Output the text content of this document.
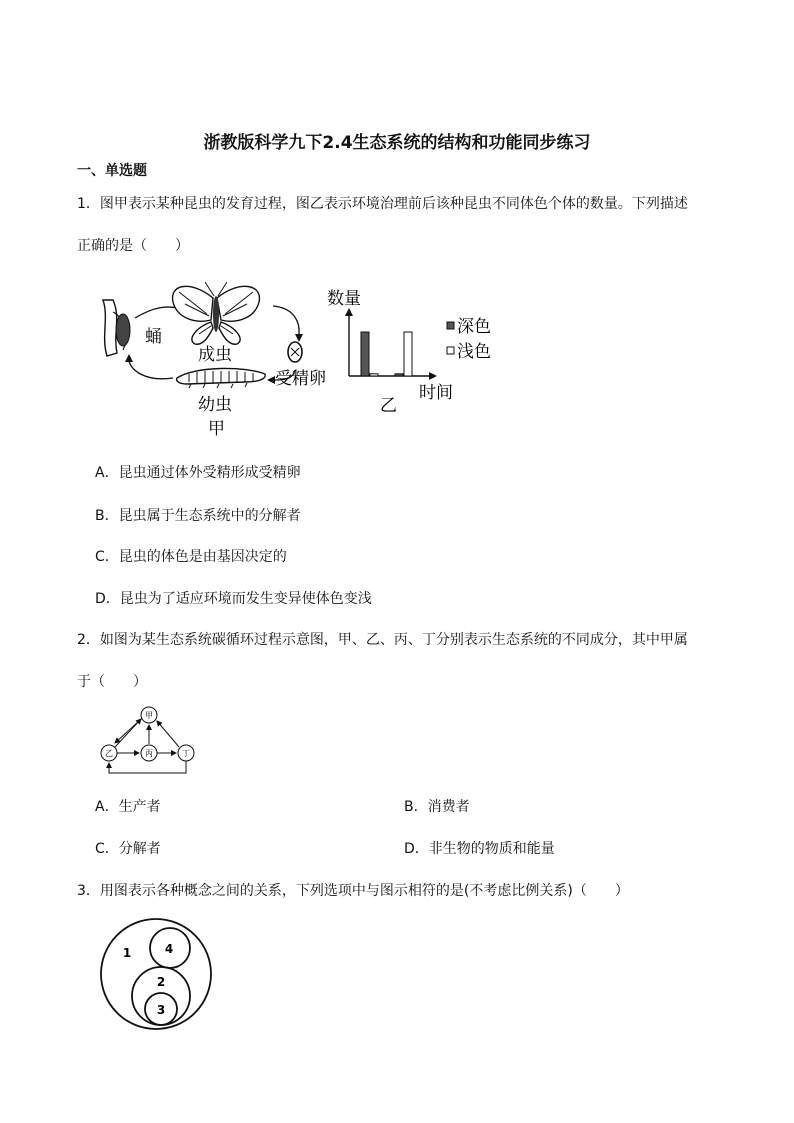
浙教版科学九下2.4生态系统的结构和功能同步练习
一、单选题
1．图甲表示某种昆虫的发育过程，图乙表示环境治理前后该种昆虫不同体色个体的数量。下列描述
正确的是（　　）
蛹
成虫
受精卵
幼虫
甲
数量
时间
乙
深色
浅色
A．昆虫通过体外受精形成受精卵
B．昆虫属于生态系统中的分解者
C．昆虫的体色是由基因决定的
D．昆虫为了适应环境而发生变异使体色变浅
2．如图为某生态系统碳循环过程示意图，甲、乙、丙、丁分别表示生态系统的不同成分，其中甲属
于（　　）
甲
乙	丙	丁
A．生产者	B．消费者
C．分解者	D．非生物的物质和能量
3．用图表示各种概念之间的关系，下列选项中与图示相符的是(不考虑比例关系)（　　）
1	4
2
3
